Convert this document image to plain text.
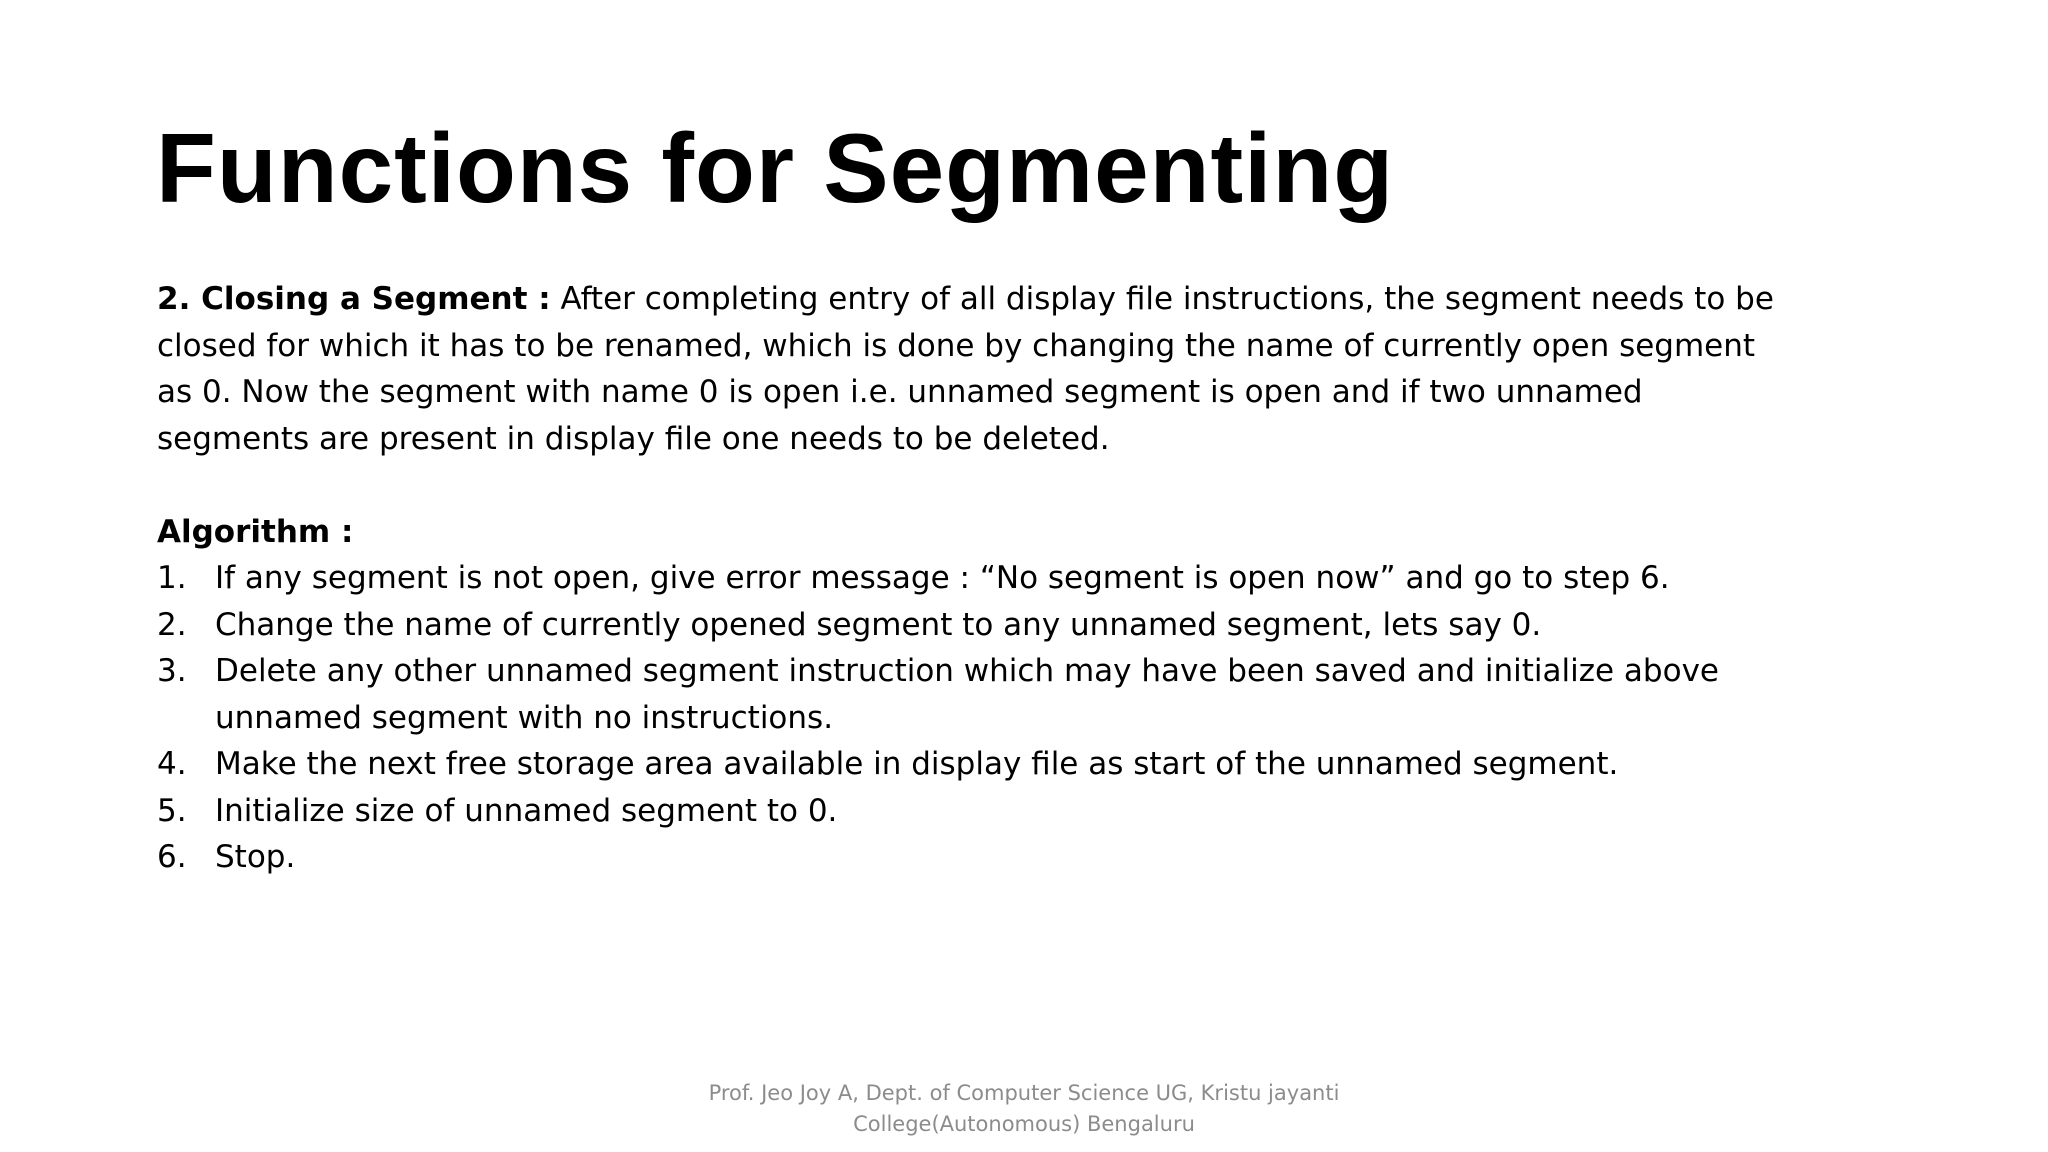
Functions for Segmenting

2. Closing a Segment : After completing entry of all display file instructions, the segment needs to be closed for which it has to be renamed, which is done by changing the name of currently open segment as 0. Now the segment with name 0 is open i.e. unnamed segment is open and if two unnamed segments are present in display file one needs to be deleted.

Algorithm :

1. If any segment is not open, give error message : “No segment is open now” and go to step 6.
2. Change the name of currently opened segment to any unnamed segment, lets say 0.
3. Delete any other unnamed segment instruction which may have been saved and initialize above unnamed segment with no instructions.
4. Make the next free storage area available in display file as start of the unnamed segment.
5. Initialize size of unnamed segment to 0.
6. Stop.
Prof. Jeo Joy A, Dept. of Computer Science UG, Kristu jayanti
College(Autonomous) Bengaluru
